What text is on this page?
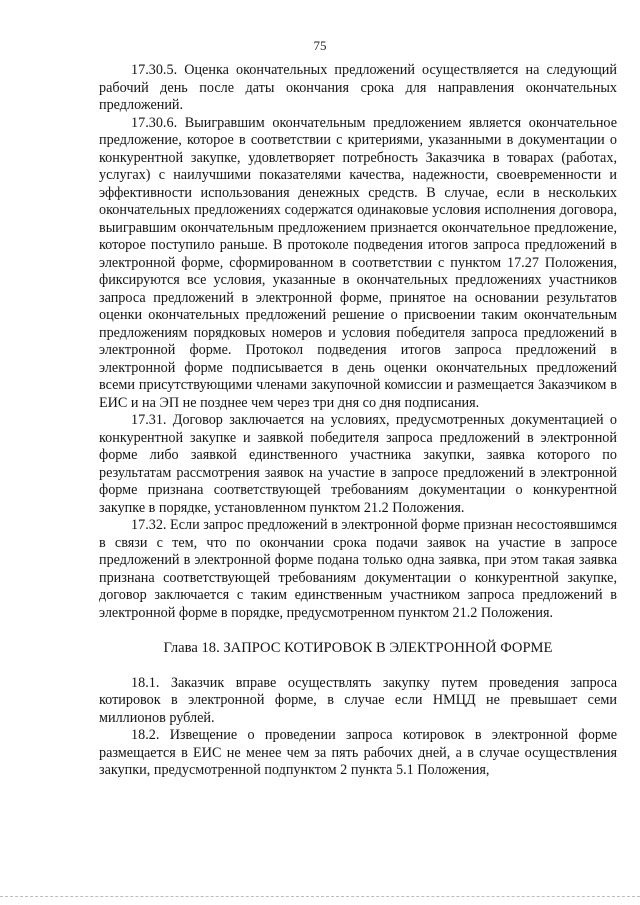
75

17.30.5. Оценка окончательных предложений осуществляется на следующий рабочий день после даты окончания срока для направления окончательных предложений.

17.30.6. Выигравшим окончательным предложением является окончательное предложение, которое в соответствии с критериями, указанными в документации о конкурентной закупке, удовлетворяет потребность Заказчика в товарах (работах, услугах) с наилучшими показателями качества, надежности, своевременности и эффективности использования денежных средств. В случае, если в нескольких окончательных предложениях содержатся одинаковые условия исполнения договора, выигравшим окончательным предложением признается окончательное предложение, которое поступило раньше. В протоколе подведения итогов запроса предложений в электронной форме, сформированном в соответствии с пунктом 17.27 Положения, фиксируются все условия, указанные в окончательных предложениях участников запроса предложений в электронной форме, принятое на основании результатов оценки окончательных предложений решение о присвоении таким окончательным предложениям порядковых номеров и условия победителя запроса предложений в электронной форме. Протокол подведения итогов запроса предложений в электронной форме подписывается в день оценки окончательных предложений всеми присутствующими членами закупочной комиссии и размещается Заказчиком в ЕИС и на ЭП не позднее чем через три дня со дня подписания.

17.31. Договор заключается на условиях, предусмотренных документацией о конкурентной закупке и заявкой победителя запроса предложений в электронной форме либо заявкой единственного участника закупки, заявка которого по результатам рассмотрения заявок на участие в запросе предложений в электронной форме признана соответствующей требованиям документации о конкурентной закупке в порядке, установленном пунктом 21.2 Положения.

17.32. Если запрос предложений в электронной форме признан несостоявшимся в связи с тем, что по окончании срока подачи заявок на участие в запросе предложений в электронной форме подана только одна заявка, при этом такая заявка признана соответствующей требованиям документации о конкурентной закупке, договор заключается с таким единственным участником запроса предложений в электронной форме в порядке, предусмотренном пунктом 21.2 Положения.

Глава 18. ЗАПРОС КОТИРОВОК В ЭЛЕКТРОННОЙ ФОРМЕ

18.1. Заказчик вправе осуществлять закупку путем проведения запроса котировок в электронной форме, в случае если НМЦД не превышает семи миллионов рублей.

18.2. Извещение о проведении запроса котировок в электронной форме размещается в ЕИС не менее чем за пять рабочих дней, а в случае осуществления закупки, предусмотренной подпунктом 2 пункта 5.1 Положения,
